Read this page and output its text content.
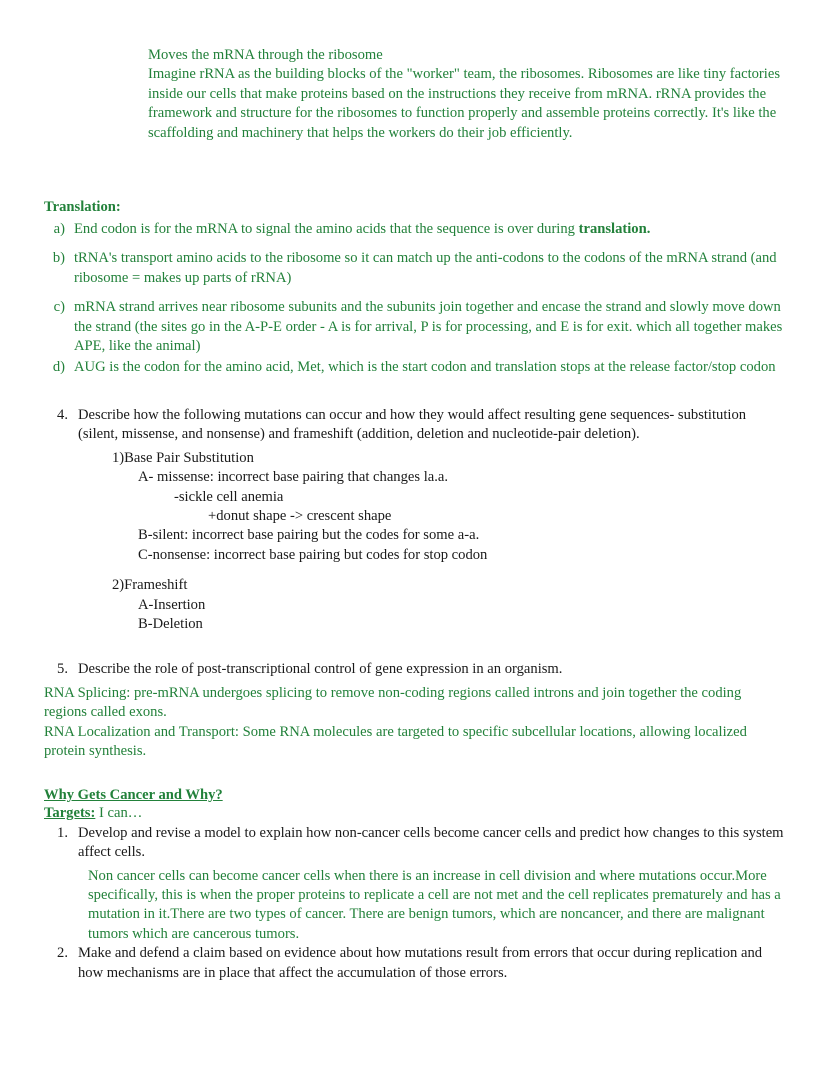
Moves the mRNA through the ribosome

Imagine rRNA as the building blocks of the "worker" team, the ribosomes. Ribosomes are like tiny factories inside our cells that make proteins based on the instructions they receive from mRNA. rRNA provides the framework and structure for the ribosomes to function properly and assemble proteins correctly. It's like the scaffolding and machinery that helps the workers do their job efficiently.

Translation:
a) End codon is for the mRNA to signal the amino acids that the sequence is over during translation.
b) tRNA's transport amino acids to the ribosome so it can match up the anti-codons to the codons of the mRNA strand (and ribosome = makes up parts of rRNA)
c) mRNA strand arrives near ribosome subunits and the subunits join together and encase the strand and slowly move down the strand (the sites go in the A-P-E order - A is for arrival, P is for processing, and E is for exit. which all together makes APE, like the animal)
d) AUG is the codon for the amino acid, Met, which is the start codon and translation stops at the release factor/stop codon
4. Describe how the following mutations can occur and how they would affect resulting gene sequences- substitution (silent, missense, and nonsense) and frameshift (addition, deletion and nucleotide-pair deletion).

1)Base Pair Substitution

A- missense: incorrect base pairing that changes la.a.

-sickle cell anemia

+donut shape -> crescent shape

B-silent: incorrect base pairing but the codes for some a-a.

C-nonsense: incorrect base pairing but codes for stop codon

2)Frameshift

A-Insertion

B-Deletion

5. Describe the role of post-transcriptional control of gene expression in an organism.

RNA Splicing: pre-mRNA undergoes splicing to remove non-coding regions called introns and join together the coding regions called exons.

RNA Localization and Transport: Some RNA molecules are targeted to specific subcellular locations, allowing localized protein synthesis.

Why Gets Cancer and Why?
Targets: I can…
1. Develop and revise a model to explain how non-cancer cells become cancer cells and predict how changes to this system affect cells.

Non cancer cells can become cancer cells when there is an increase in cell division and where mutations occur.More specifically, this is when the proper proteins to replicate a cell are not met and the cell replicates prematurely and has a mutation in it.There are two types of cancer. There are benign tumors, which are noncancer, and there are malignant tumors which are cancerous tumors.

2. Make and defend a claim based on evidence about how mutations result from errors that occur during replication and how mechanisms are in place that affect the accumulation of those errors.
